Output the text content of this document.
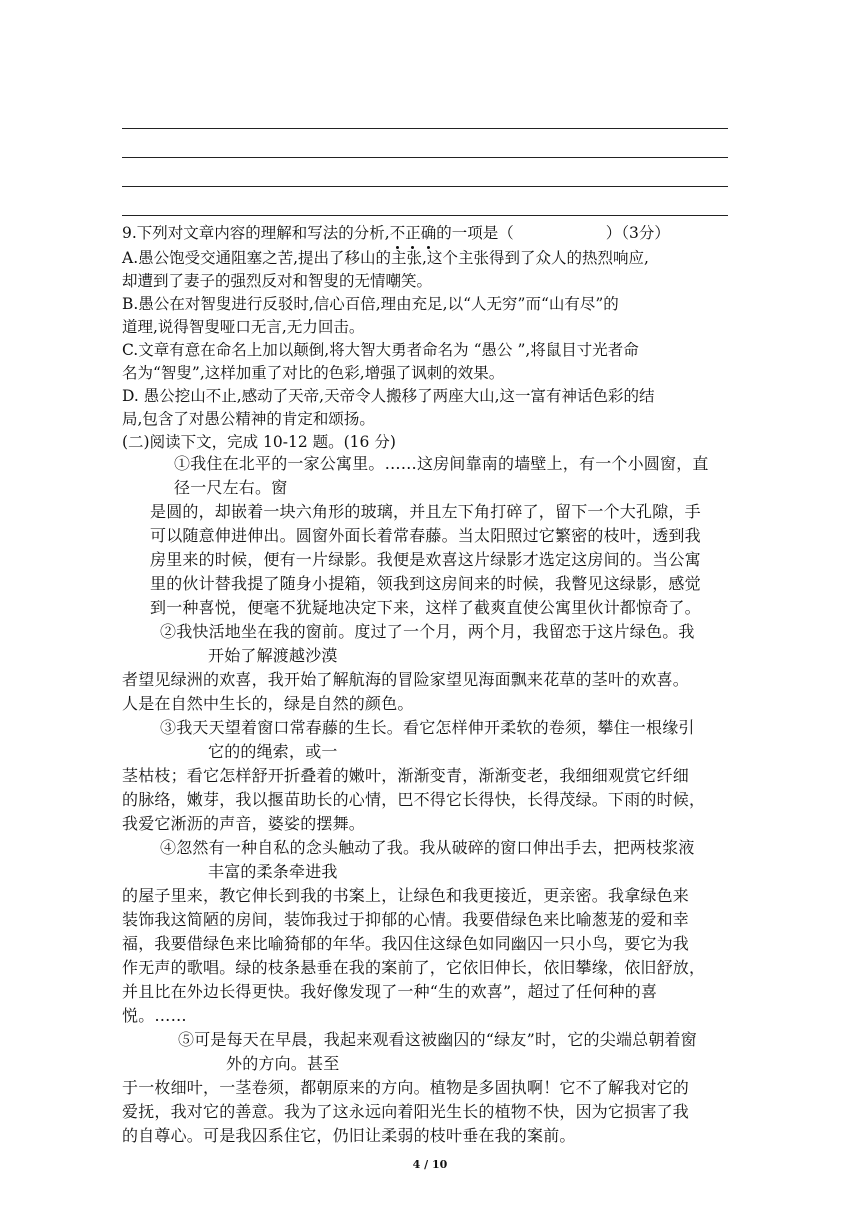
9.下列对文章内容的理解和写法的分析,不正确的一项是（	）（3分）
A.愚公饱受交通阻塞之苦,提出了移山的主张,这个主张得到了众人的热烈响应,
却遭到了妻子的强烈反对和智叟的无情嘲笑。
B.愚公在对智叟进行反驳时,信心百倍,理由充足,以“人无穷”而“山有尽”的
道理,说得智叟哑口无言,无力回击。
C.文章有意在命名上加以颠倒,将大智大勇者命名为 “愚公 ”,将鼠目寸光者命
名为“智叟”,这样加重了对比的色彩,增强了讽刺的效果。
D. 愚公挖山不止,感动了天帝,天帝令人搬移了两座大山,这一富有神话色彩的结
局,包含了对愚公精神的肯定和颂扬。
(二)阅读下文，完成 10-12 题。(16 分)
①我住在北平的一家公寓里。……这房间靠南的墙壁上，有一个小圆窗，直
径一尺左右。窗
是圆的，却嵌着一块六角形的玻璃，并且左下角打碎了，留下一个大孔隙，手
可以随意伸进伸出。圆窗外面长着常春藤。当太阳照过它繁密的枝叶，透到我
房里来的时候，便有一片绿影。我便是欢喜这片绿影才选定这房间的。当公寓
里的伙计替我提了随身小提箱，领我到这房间来的时候，我瞥见这绿影，感觉
到一种喜悦，便毫不犹疑地决定下来，这样了截爽直使公寓里伙计都惊奇了。
②我快活地坐在我的窗前。度过了一个月，两个月，我留恋于这片绿色。我
开始了解渡越沙漠
者望见绿洲的欢喜，我开始了解航海的冒险家望见海面飘来花草的茎叶的欢喜。
人是在自然中生长的，绿是自然的颜色。
③我天天望着窗口常春藤的生长。看它怎样伸开柔软的卷须，攀住一根缘引
它的的绳索，或一
茎枯枝；看它怎样舒开折叠着的嫩叶，渐渐变青，渐渐变老，我细细观赏它纤细
的脉络，嫩芽，我以揠苗助长的心情，巴不得它长得快，长得茂绿。下雨的时候，
我爱它淅沥的声音，婆娑的摆舞。
④忽然有一种自私的念头触动了我。我从破碎的窗口伸出手去，把两枝浆液
丰富的柔条牵进我
的屋子里来，教它伸长到我的书案上，让绿色和我更接近，更亲密。我拿绿色来
装饰我这简陋的房间，装饰我过于抑郁的心情。我要借绿色来比喻葱茏的爱和幸
福，我要借绿色来比喻猗郁的年华。我囚住这绿色如同幽囚一只小鸟，要它为我
作无声的歌唱。绿的枝条悬垂在我的案前了，它依旧伸长，依旧攀缘，依旧舒放，
并且比在外边长得更快。我好像发现了一种“生的欢喜”，超过了任何种的喜
悦。……
⑤可是每天在早晨，我起来观看这被幽囚的“绿友”时，它的尖端总朝着窗
外的方向。甚至
于一枚细叶，一茎卷须，都朝原来的方向。植物是多固执啊！它不了解我对它的
爱抚，我对它的善意。我为了这永远向着阳光生长的植物不快，因为它损害了我
的自尊心。可是我囚系住它，仍旧让柔弱的枝叶垂在我的案前。
4 / 10
